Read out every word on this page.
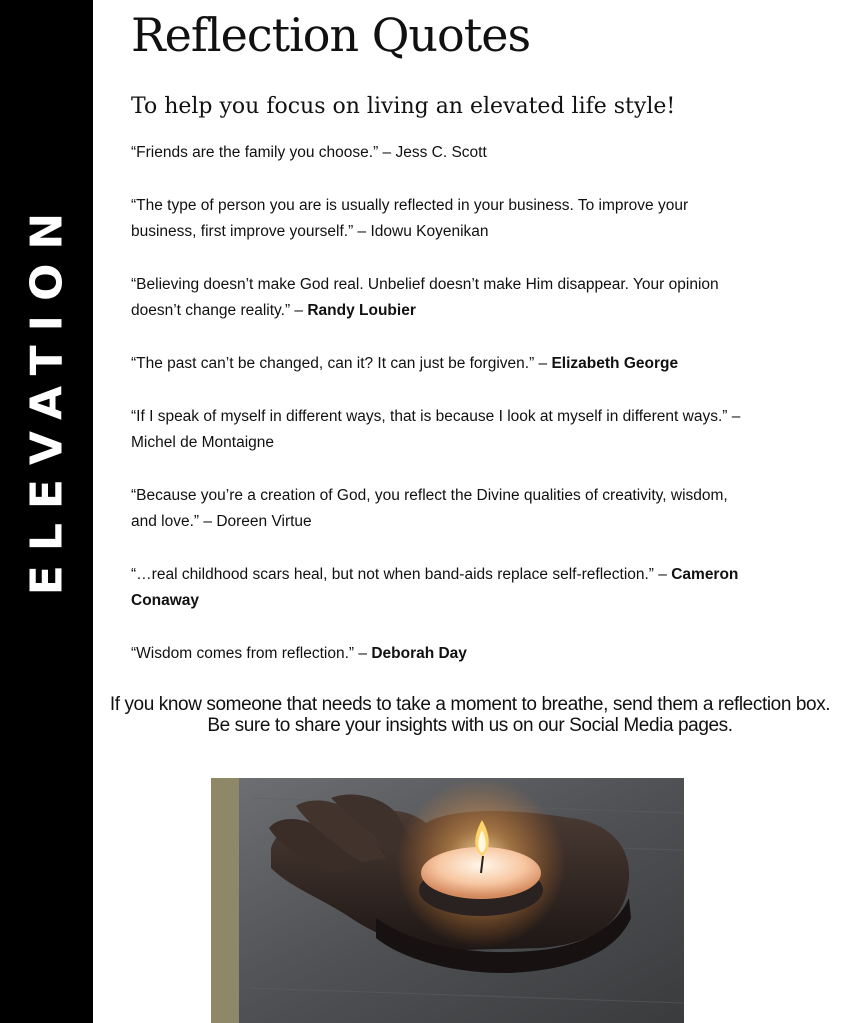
ELEVATION
Reflection Quotes
To help you focus on living an elevated life style!

“Friends are the family you choose.” – Jess C. Scott

“The type of person you are is usually reflected in your business. To improve your business, first improve yourself.” – Idowu Koyenikan

“Believing doesn’t make God real. Unbelief doesn’t make Him disappear. Your opinion doesn’t change reality.” – Randy Loubier

“The past can’t be changed, can it? It can just be forgiven.” – Elizabeth George

“If I speak of myself in different ways, that is because I look at myself in different ways.” – Michel de Montaigne

“Because you’re a creation of God, you reflect the Divine qualities of creativity, wisdom, and love.” – Doreen Virtue

“…real childhood scars heal, but not when band-aids replace self-reflection.” – Cameron Conaway

“Wisdom comes from reflection.” – Deborah Day

If you know someone that needs to take a moment to breathe, send them a reflection box.
Be sure to share your insights with us on our Social Media pages.
